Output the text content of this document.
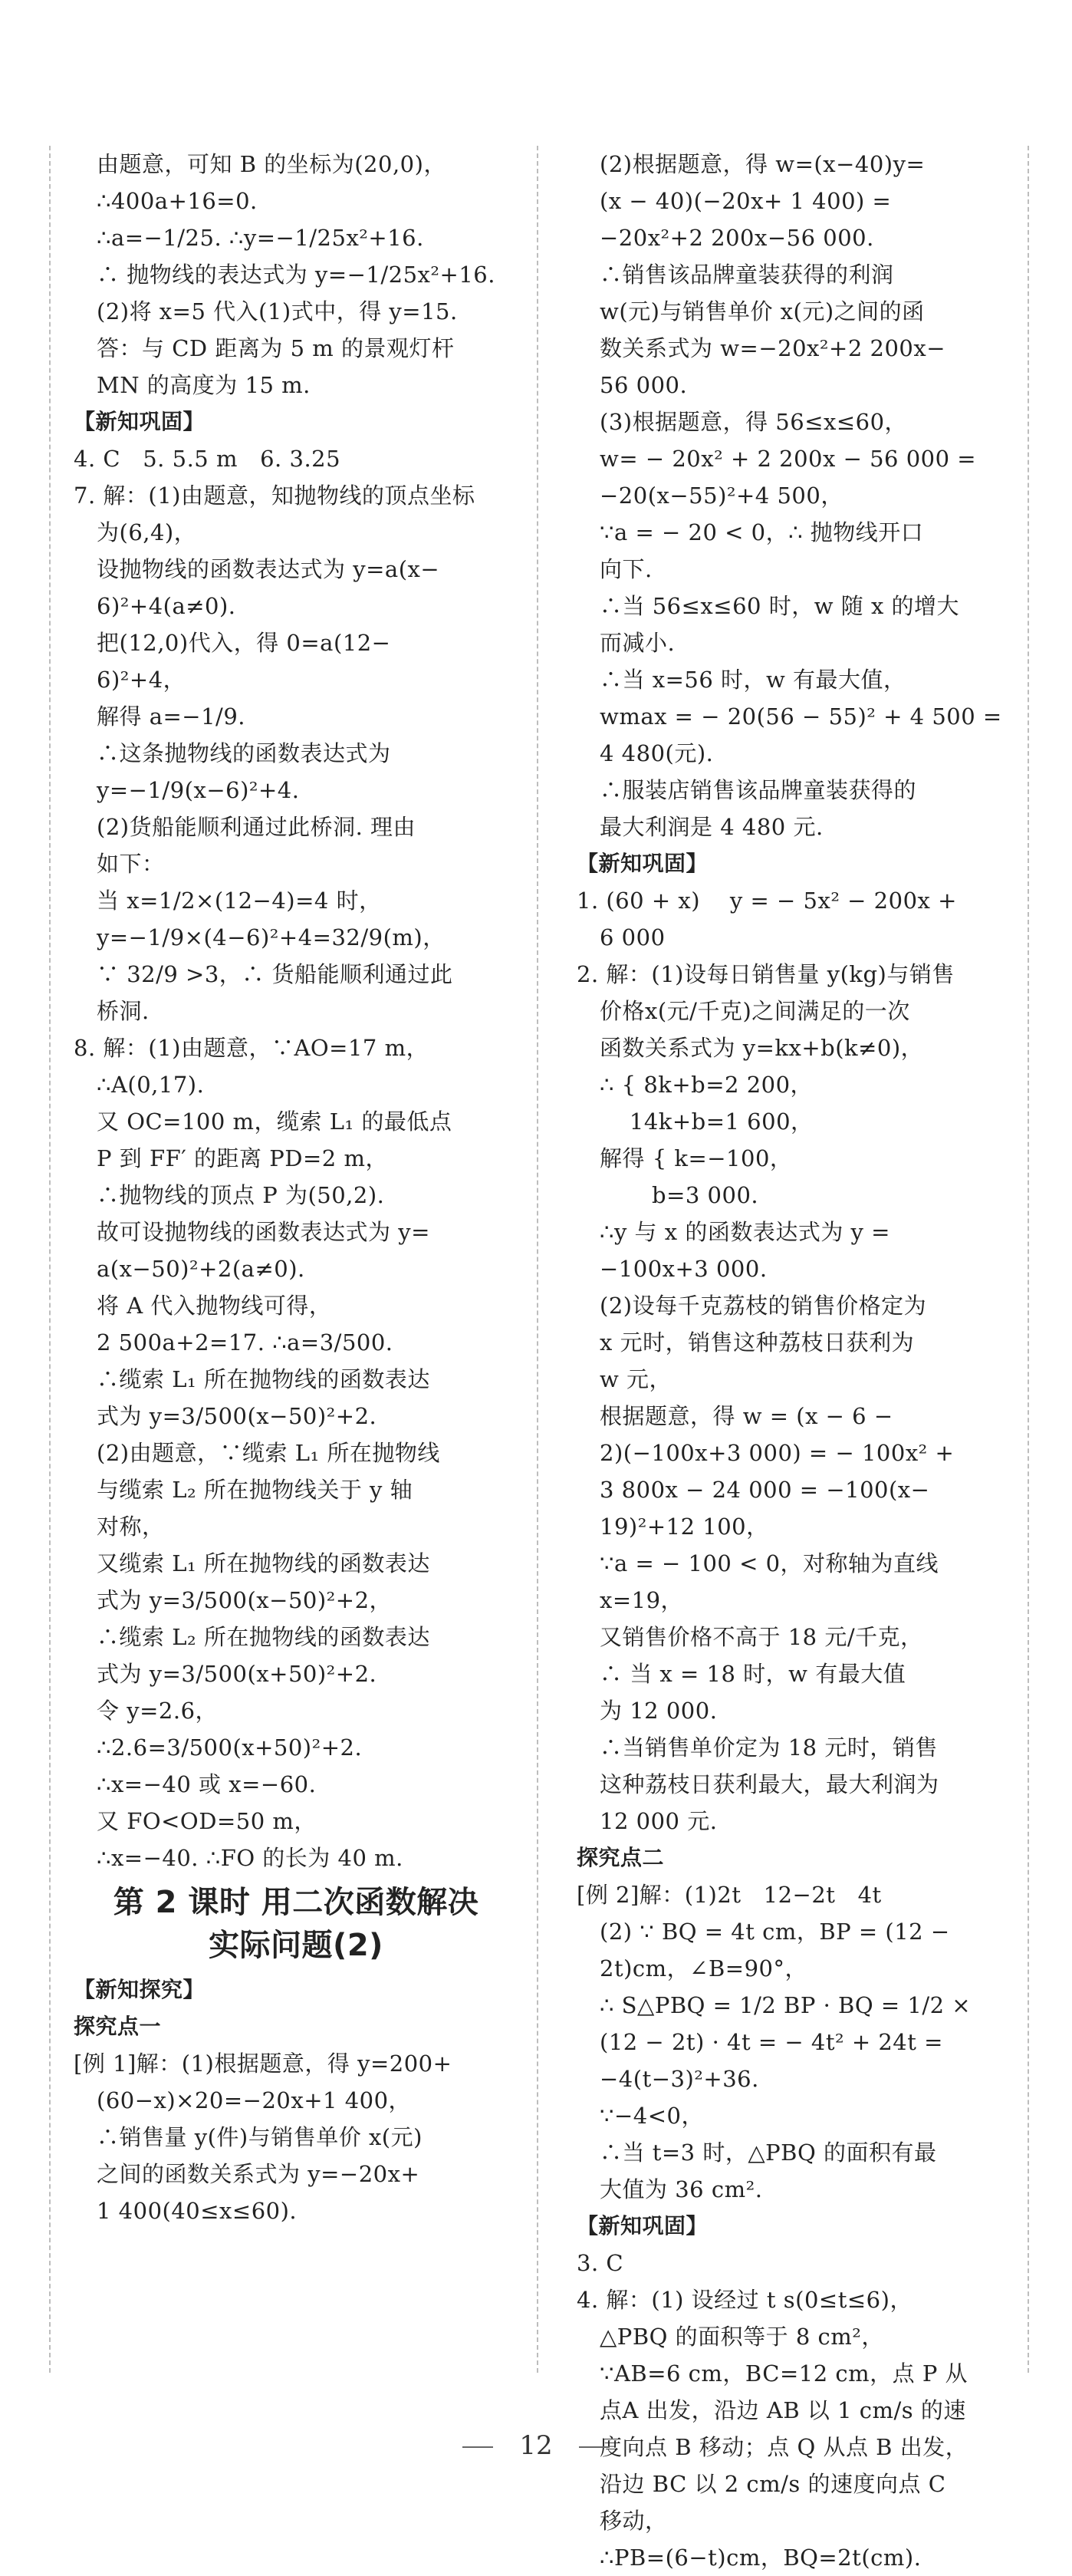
由题意，可知 B 的坐标为(20,0)，
∴400a+16=0.
∴a=−1/25. ∴y=−1/25x²+16.
∴ 抛物线的表达式为 y=−1/25x²+16.
(2)将 x=5 代入(1)式中，得 y=15.
答：与 CD 距离为 5 m 的景观灯杆
MN 的高度为 15 m.
【新知巩固】
4. C   5. 5.5 m   6. 3.25
7. 解：(1)由题意，知抛物线的顶点坐标
为(6,4)，
设抛物线的函数表达式为 y=a(x−
6)²+4(a≠0).
把(12,0)代入，得 0=a(12−
6)²+4，
解得 a=−1/9.
∴这条抛物线的函数表达式为
y=−1/9(x−6)²+4.
(2)货船能顺利通过此桥洞. 理由
如下：
当 x=1/2×(12−4)=4 时，
y=−1/9×(4−6)²+4=32/9(m)，
∵ 32/9 >3，∴ 货船能顺利通过此
桥洞.
8. 解：(1)由题意，∵AO=17 m，
∴A(0,17).
又 OC=100 m，缆索 L₁ 的最低点
P 到 FF′ 的距离 PD=2 m，
∴抛物线的顶点 P 为(50,2).
故可设抛物线的函数表达式为 y=
a(x−50)²+2(a≠0).
将 A 代入抛物线可得，
2 500a+2=17. ∴a=3/500.
∴缆索 L₁ 所在抛物线的函数表达
式为 y=3/500(x−50)²+2.
(2)由题意，∵缆索 L₁ 所在抛物线
与缆索 L₂ 所在抛物线关于 y 轴
对称，
又缆索 L₁ 所在抛物线的函数表达
式为 y=3/500(x−50)²+2，
∴缆索 L₂ 所在抛物线的函数表达
式为 y=3/500(x+50)²+2.
令 y=2.6，
∴2.6=3/500(x+50)²+2.
∴x=−40 或 x=−60.
又 FO<OD=50 m，
∴x=−40. ∴FO 的长为 40 m.
第 2 课时 用二次函数解决
实际问题(2)
【新知探究】
探究点一
[例 1]解：(1)根据题意，得 y=200+
(60−x)×20=−20x+1 400，
∴销售量 y(件)与销售单价 x(元)
之间的函数关系式为 y=−20x+
1 400(40≤x≤60).
(2)根据题意，得 w=(x−40)y=
(x − 40)(−20x+ 1 400) =
−20x²+2 200x−56 000.
∴销售该品牌童装获得的利润
w(元)与销售单价 x(元)之间的函
数关系式为 w=−20x²+2 200x−
56 000.
(3)根据题意，得 56≤x≤60，
w= − 20x² + 2 200x − 56 000 =
−20(x−55)²+4 500，
∵a = − 20 < 0，∴ 抛物线开口
向下.
∴当 56≤x≤60 时，w 随 x 的增大
而减小.
∴当 x=56 时，w 有最大值，
wmax = − 20(56 − 55)² + 4 500 =
4 480(元).
∴服装店销售该品牌童装获得的
最大利润是 4 480 元.
【新知巩固】
1. (60 + x)    y = − 5x² − 200x +
6 000
2. 解：(1)设每日销售量 y(kg)与销售
价格x(元/千克)之间满足的一次
函数关系式为 y=kx+b(k≠0)，
∴ { 8k+b=2 200，
14k+b=1 600，
解得 { k=−100，
b=3 000.
∴y 与 x 的函数表达式为 y =
−100x+3 000.
(2)设每千克荔枝的销售价格定为
x 元时，销售这种荔枝日获利为
w 元，
根据题意，得 w = (x − 6 −
2)(−100x+3 000) = − 100x² +
3 800x − 24 000 = −100(x−
19)²+12 100，
∵a = − 100 < 0，对称轴为直线
x=19，
又销售价格不高于 18 元/千克，
∴ 当 x = 18 时，w 有最大值
为 12 000.
∴当销售单价定为 18 元时，销售
这种荔枝日获利最大，最大利润为
12 000 元.
探究点二
[例 2]解：(1)2t   12−2t   4t
(2) ∵ BQ = 4t cm，BP = (12 −
2t)cm，∠B=90°，
∴ S△PBQ = 1/2 BP · BQ = 1/2 ×
(12 − 2t) · 4t = − 4t² + 24t =
−4(t−3)²+36.
∵−4<0，
∴当 t=3 时，△PBQ 的面积有最
大值为 36 cm².
【新知巩固】
3. C
4. 解：(1) 设经过 t s(0≤t≤6)，
△PBQ 的面积等于 8 cm²，
∵AB=6 cm，BC=12 cm，点 P 从
点A 出发，沿边 AB 以 1 cm/s 的速
度向点 B 移动；点 Q 从点 B 出发，
沿边 BC 以 2 cm/s 的速度向点 C
移动，
∴PB=(6−t)cm，BQ=2t(cm).
12
